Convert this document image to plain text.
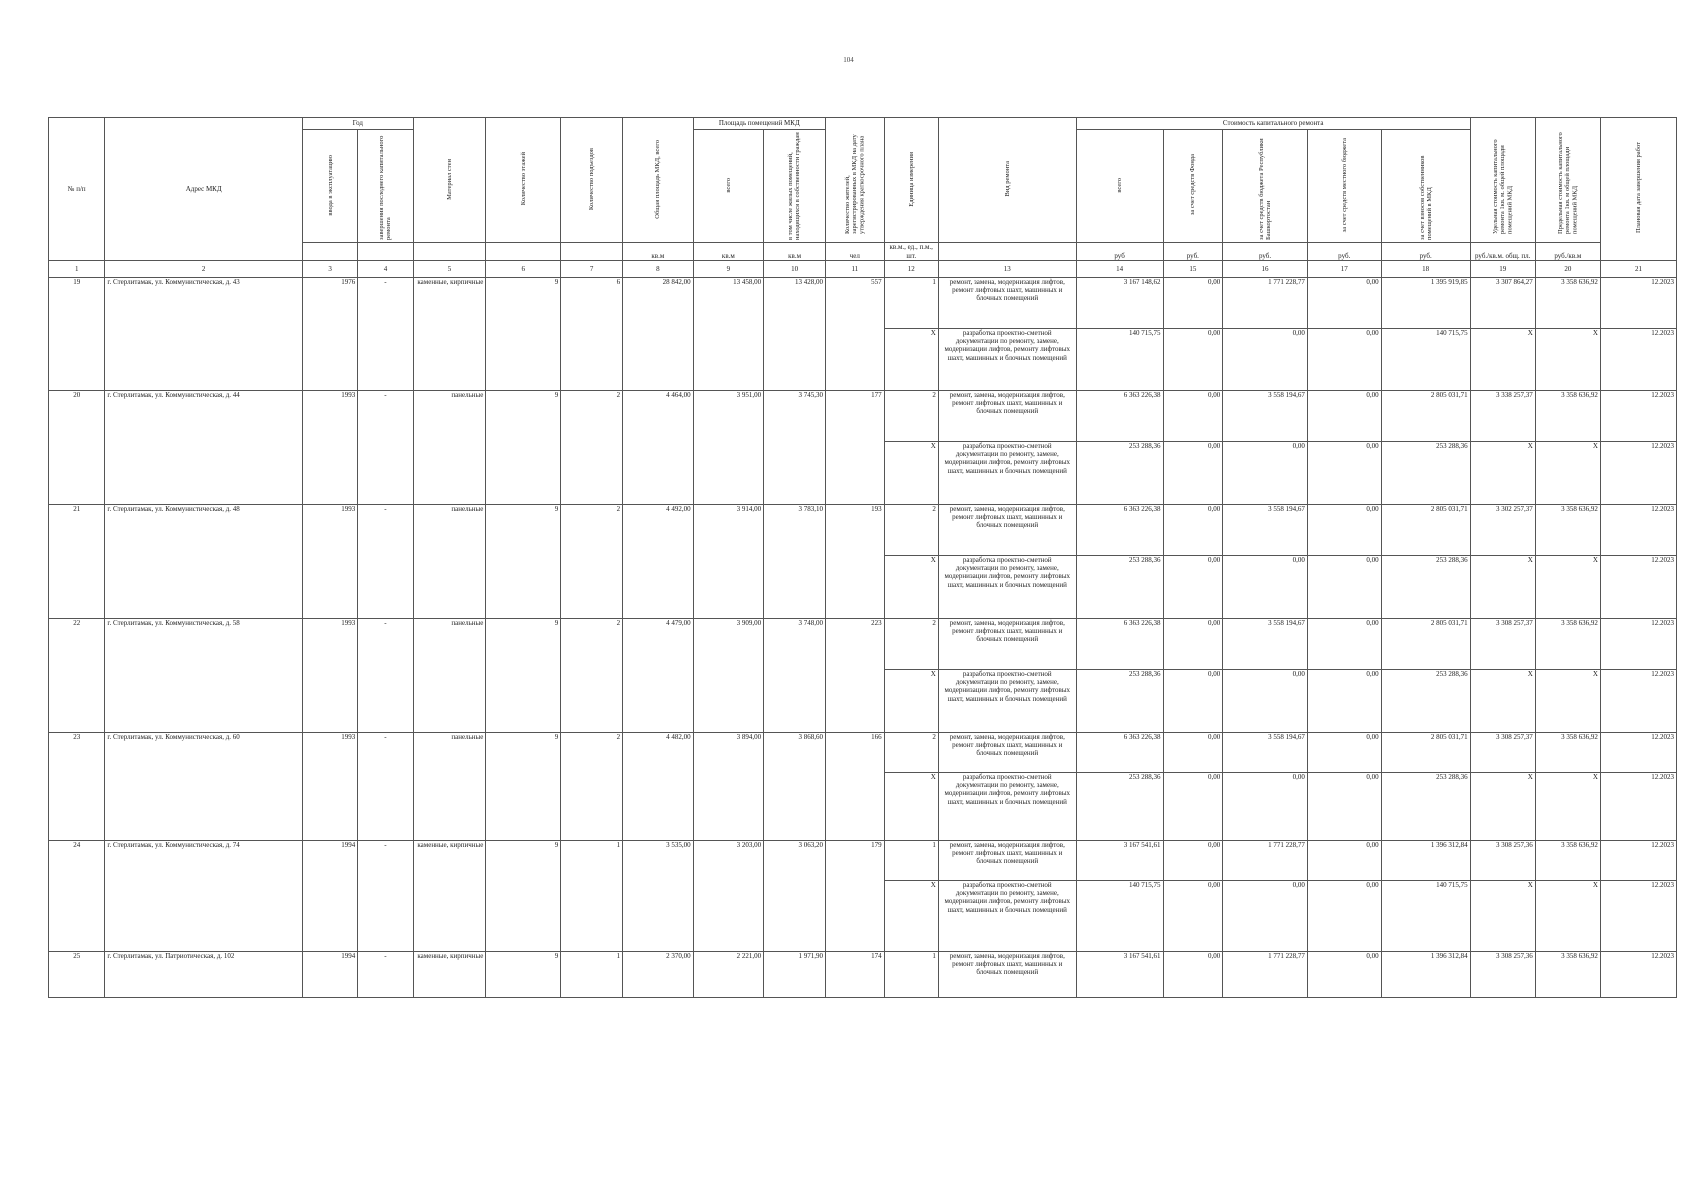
104
№ п/п	Адрес МКД	Год		Материал стен	Количество этажей	Количество подъездов	Общая площадь МКД, всего	Площадь помещений МКД		Количество жителей, зарегистрированных в МКД на дату утверждения краткосрочного плана	Единица измерения	Вид ремонта	Стоимость капитального ремонта					Удельная стоимость капитального ремонта 1кв. м. общей площади помещений МКД	Предельная стоимость капитального ремонта 1кв. м общей площади помещений МКД	Плановая дата завершения работ
		ввода в эксплуатацию	завершения последнего капитального ремонта					всего	в том числе жилых помещений, находящихся в собственности граждан				всего	за счет средств Фонда	за счет средств бюджета Республики Башкортостан	за счет средств местного бюджета	за счет взносов собственников помещений в МКД			
							кв.м	кв.м	кв.м	чел	кв.м., ед., п.м., шт.		руб	руб.	руб.	руб.	руб.	руб./кв.м. общ. пл.	руб./кв.м	
1	2	3	4	5	6	7	8	9	10	11	12	13	14	15	16	17	18	19	20	21
19	г. Стерлитамак, ул. Коммунистическая, д. 43	1976	-	каменные, кирпичные	9	6	28 842,00	13 458,00	13 428,00	557	1	ремонт, замена, модернизация лифтов, ремонт лифтовых шахт, машинных и блочных помещений	3 167 148,62	0,00	1 771 228,77	0,00	1 395 919,85	3 307 864,27	3 358 636,92	12.2023
											X	разработка проектно-сметной документации по ремонту, замене, модернизации лифтов, ремонту лифтовых шахт, машинных и блочных помещений	140 715,75	0,00	0,00	0,00	140 715,75	X	X	12.2023
20	г. Стерлитамак, ул. Коммунистическая, д. 44	1993	-	панельные	9	2	4 464,00	3 951,00	3 745,30	177	2	ремонт, замена, модернизация лифтов, ремонт лифтовых шахт, машинных и блочных помещений	6 363 226,38	0,00	3 558 194,67	0,00	2 805 031,71	3 338 257,37	3 358 636,92	12.2023
											X	разработка проектно-сметной документации по ремонту, замене, модернизации лифтов, ремонту лифтовых шахт, машинных и блочных помещений	253 288,36	0,00	0,00	0,00	253 288,36	X	X	12.2023
21	г. Стерлитамак, ул. Коммунистическая, д. 48	1993	-	панельные	9	2	4 492,00	3 914,00	3 783,10	193	2	ремонт, замена, модернизация лифтов, ремонт лифтовых шахт, машинных и блочных помещений	6 363 226,38	0,00	3 558 194,67	0,00	2 805 031,71	3 302 257,37	3 358 636,92	12.2023
											X	разработка проектно-сметной документации по ремонту, замене, модернизации лифтов, ремонту лифтовых шахт, машинных и блочных помещений	253 288,36	0,00	0,00	0,00	253 288,36	X	X	12.2023
22	г. Стерлитамак, ул. Коммунистическая, д. 58	1993	-	панельные	9	2	4 479,00	3 909,00	3 748,00	223	2	ремонт, замена, модернизация лифтов, ремонт лифтовых шахт, машинных и блочных помещений	6 363 226,38	0,00	3 558 194,67	0,00	2 805 031,71	3 308 257,37	3 358 636,92	12.2023
											X	разработка проектно-сметной документации по ремонту, замене, модернизации лифтов, ремонту лифтовых шахт, машинных и блочных помещений	253 288,36	0,00	0,00	0,00	253 288,36	X	X	12.2023
23	г. Стерлитамак, ул. Коммунистическая, д. 60	1993	-	панельные	9	2	4 482,00	3 894,00	3 868,60	166	2	ремонт, замена, модернизация лифтов, ремонт лифтовых шахт, машинных и блочных помещений	6 363 226,38	0,00	3 558 194,67	0,00	2 805 031,71	3 308 257,37	3 358 636,92	12.2023
											X	разработка проектно-сметной документации по ремонту, замене, модернизации лифтов, ремонту лифтовых шахт, машинных и блочных помещений	253 288,36	0,00	0,00	0,00	253 288,36	X	X	12.2023
24	г. Стерлитамак, ул. Коммунистическая, д. 74	1994	-	каменные, кирпичные	9	1	3 535,00	3 203,00	3 063,20	179	1	ремонт, замена, модернизация лифтов, ремонт лифтовых шахт, машинных и блочных помещений	3 167 541,61	0,00	1 771 228,77	0,00	1 396 312,84	3 308 257,36	3 358 636,92	12.2023
											X	разработка проектно-сметной документации по ремонту, замене, модернизации лифтов, ремонту лифтовых шахт, машинных и блочных помещений	140 715,75	0,00	0,00	0,00	140 715,75	X	X	12.2023
25	г. Стерлитамак, ул. Патриотическая, д. 102	1994	-	каменные, кирпичные	9	1	2 370,00	2 221,00	1 971,90	174	1	ремонт, замена, модернизация лифтов, ремонт лифтовых шахт, машинных и блочных помещений	3 167 541,61	0,00	1 771 228,77	0,00	1 396 312,84	3 308 257,36	3 358 636,92	12.2023
